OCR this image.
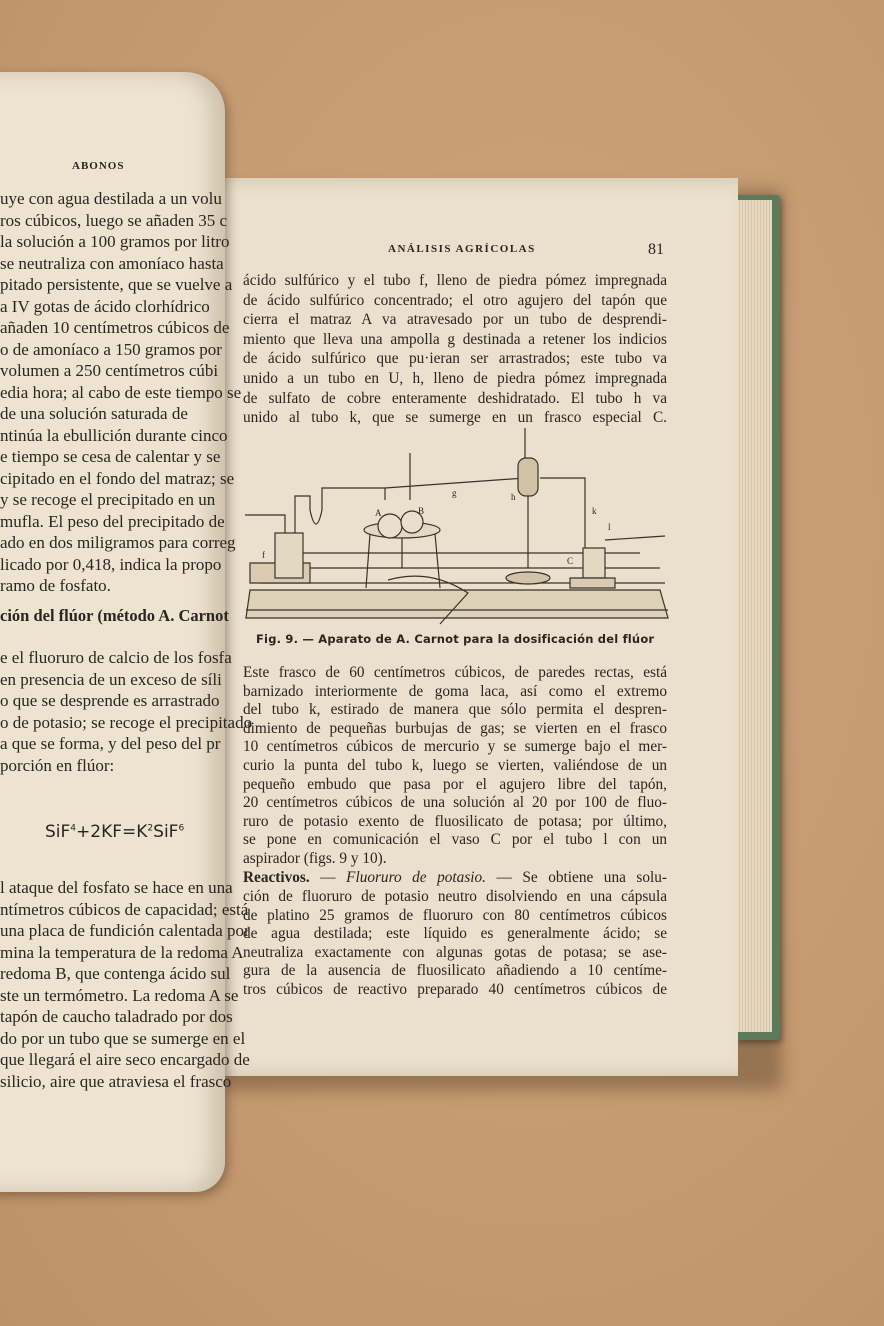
ANÁLISIS AGRÍCOLAS	81
ácido sulfúrico y el tubo f, lleno de piedra pómez impregnada
de ácido sulfúrico concentrado; el otro agujero del tapón que
cierra el matraz A va atravesado por un tubo de desprendi-
miento que lleva una ampolla g destinada a retener los indicios
de ácido sulfúrico que pu·ieran ser arrastrados; este tubo va
unido a un tubo en U, h, lleno de piedra pómez impregnada
de sulfato de cobre enteramente deshidratado. El tubo h va
unido al tubo k, que se sumerge en un frasco especial C.
A	B
g	h
k
l
C
f
Fig. 9. — Aparato de A. Carnot para la dosificación del flúor
Este frasco de 60 centímetros cúbicos, de paredes rectas, está
barnizado interiormente de goma laca, así como el extremo
del tubo k, estirado de manera que sólo permita el despren-
dimiento de pequeñas burbujas de gas; se vierten en el frasco
10 centímetros cúbicos de mercurio y se sumerge bajo el mer-
curio la punta del tubo k, luego se vierten, valiéndose de un
pequeño embudo que pasa por el agujero libre del tapón,
20 centímetros cúbicos de una solución al 20 por 100 de fluo-
ruro de potasio exento de fluosilicato de potasa; por último,
se pone en comunicación el vaso C por el tubo l con un
aspirador (figs. 9 y 10).
Reactivos. — Fluoruro de potasio. — Se obtiene una solu-
ción de fluoruro de potasio neutro disolviendo en una cápsula
de platino 25 gramos de fluoruro con 80 centímetros cúbicos
de agua destilada; este líquido es generalmente ácido; se
neutraliza exactamente con algunas gotas de potasa; se ase-
gura de la ausencia de fluosilicato añadiendo a 10 centíme-
tros cúbicos de reactivo preparado 40 centímetros cúbicos de
ABONOS
uye con agua destilada a un volu
ros cúbicos, luego se añaden 35 c
la solución a 100 gramos por litro
se neutraliza con amoníaco hasta
pitado persistente, que se vuelve a
a IV gotas de ácido clorhídrico
añaden 10 centímetros cúbicos de
o de amoníaco a 150 gramos por
volumen a 250 centímetros cúbi
edia hora; al cabo de este tiempo se
de una solución saturada de
ntinúa la ebullición durante cinco
e tiempo se cesa de calentar y se
cipitado en el fondo del matraz; se
y se recoge el precipitado en un
mufla. El peso del precipitado de
ado en dos miligramos para correg
licado por 0,418, indica la propo
ramo de fosfato.
ción del flúor (método A. Carnot
e el fluoruro de calcio de los fosfa
en presencia de un exceso de síli
o que se desprende es arrastrado
o de potasio; se recoge el precipitado
a que se forma, y del peso del pr
porción en flúor:
$SiF^4+2KF=K^2SiF^6$
l ataque del fosfato se hace en una
ntímetros cúbicos de capacidad; está
una placa de fundición calentada por
mina la temperatura de la redoma A
redoma B, que contenga ácido sul
ste un termómetro. La redoma A se
tapón de caucho taladrado por dos
do por un tubo que se sumerge en el
que llegará el aire seco encargado de
silicio, aire que atraviesa el frasco
